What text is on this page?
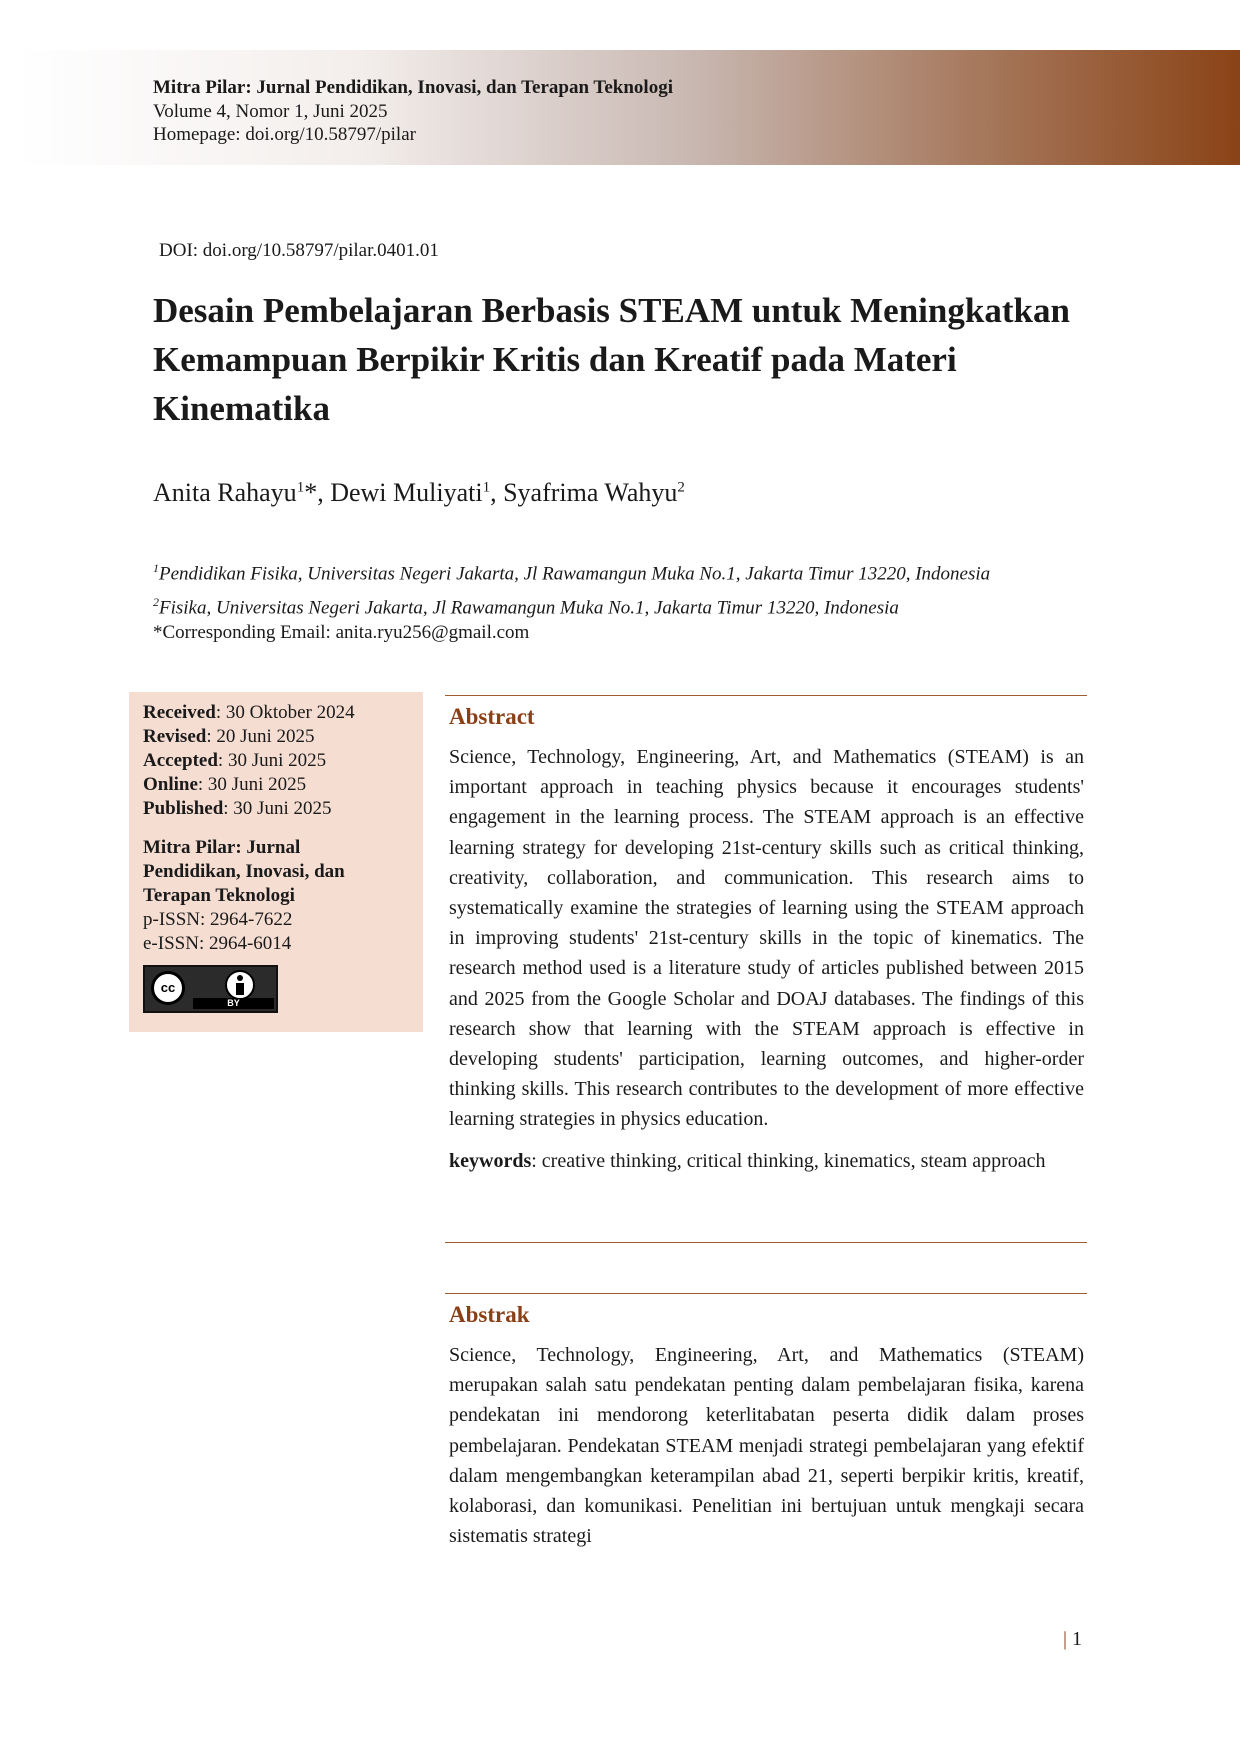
Mitra Pilar: Jurnal Pendidikan, Inovasi, dan Terapan Teknologi
Volume 4, Nomor 1, Juni 2025
Homepage: doi.org/10.58797/pilar
DOI: doi.org/10.58797/pilar.0401.01
Desain Pembelajaran Berbasis STEAM untuk Meningkatkan Kemampuan Berpikir Kritis dan Kreatif pada Materi Kinematika
Anita Rahayu$^1$*, Dewi Muliyati$^1$, Syafrima Wahyu$^2$
$^1$Pendidikan Fisika, Universitas Negeri Jakarta, Jl Rawamangun Muka No.1, Jakarta Timur 13220, Indonesia
$^2$Fisika, Universitas Negeri Jakarta, Jl Rawamangun Muka No.1, Jakarta Timur 13220, Indonesia
*Corresponding Email: anita.ryu256@gmail.com
Received: 30 Oktober 2024
Revised: 20 Juni 2025
Accepted: 30 Juni 2025
Online: 30 Juni 2025
Published: 30 Juni 2025
Mitra Pilar: Jurnal
Pendidikan, Inovasi, dan
Terapan Teknologi
p-ISSN: 2964-7622
e-ISSN: 2964-6014
cc
BY
Abstract
Science, Technology, Engineering, Art, and Mathematics (STEAM) is an important approach in teaching physics because it encourages students' engagement in the learning process. The STEAM approach is an effective learning strategy for developing 21st-century skills such as critical thinking, creativity, collaboration, and communication. This research aims to systematically examine the strategies of learning using the STEAM approach in improving students' 21st-century skills in the topic of kinematics. The research method used is a literature study of articles published between 2015 and 2025 from the Google Scholar and DOAJ databases. The findings of this research show that learning with the STEAM approach is effective in developing students' participation, learning outcomes, and higher-order thinking skills. This research contributes to the development of more effective learning strategies in physics education.
keywords: creative thinking, critical thinking, kinematics, steam approach
Abstrak
Science, Technology, Engineering, Art, and Mathematics (STEAM) merupakan salah satu pendekatan penting dalam pembelajaran fisika, karena pendekatan ini mendorong keterlitabatan peserta didik dalam proses pembelajaran. Pendekatan STEAM menjadi strategi pembelajaran yang efektif dalam mengembangkan keterampilan abad 21, seperti berpikir kritis, kreatif, kolaborasi, dan komunikasi. Penelitian ini bertujuan untuk mengkaji secara sistematis strategi
| 1
